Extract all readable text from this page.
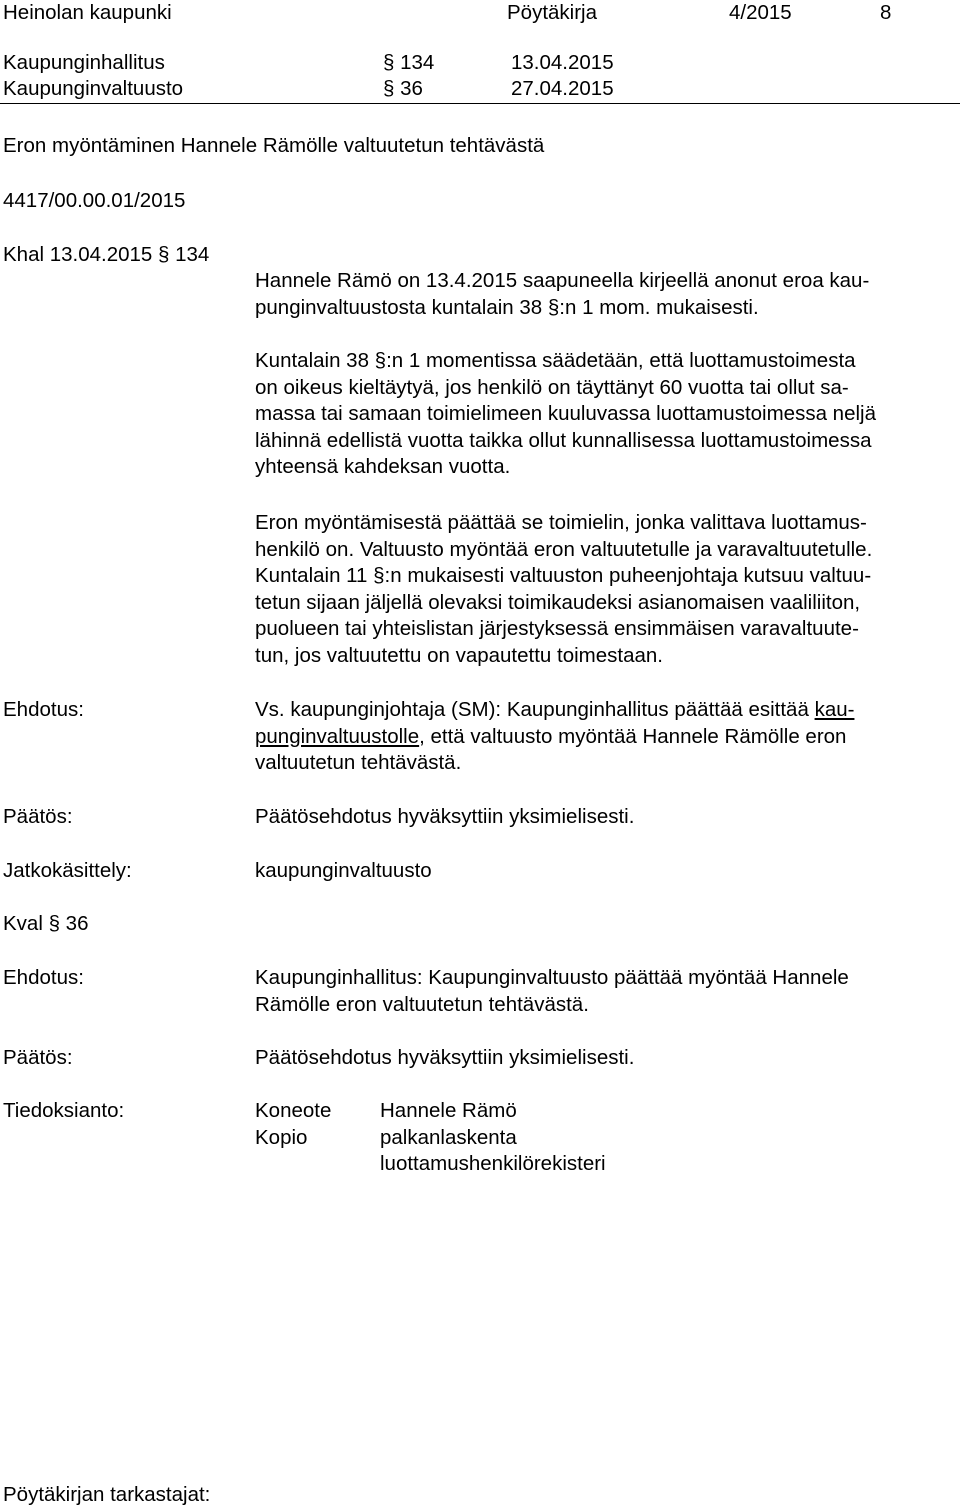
Heinolan kaupunki	Pöytäkirja	4/2015	8
Kaupunginhallitus	§ 134	13.04.2015
Kaupunginvaltuusto	§ 36	27.04.2015
Eron myöntäminen Hannele Rämölle valtuutetun tehtävästä
4417/00.00.01/2015
Khal 13.04.2015 § 134
Hannele Rämö on 13.4.2015 saapuneella kirjeellä anonut eroa kau-
punginvaltuustosta kuntalain 38 §:n 1 mom. mukaisesti.
Kuntalain 38 §:n 1 momentissa säädetään, että luottamustoimesta
on oikeus kieltäytyä, jos henkilö on täyttänyt 60 vuotta tai ollut sa-
massa tai samaan toimielimeen kuuluvassa luottamustoimessa neljä
lähinnä edellistä vuotta taikka ollut kunnallisessa luottamustoimessa
yhteensä kahdeksan vuotta.
Eron myöntämisestä päättää se toimielin, jonka valittava luottamus-
henkilö on. Valtuusto myöntää eron valtuutetulle ja varavaltuutetulle.
Kuntalain 11 §:n mukaisesti valtuuston puheenjohtaja kutsuu valtuu-
tetun sijaan jäljellä olevaksi toimikaudeksi asianomaisen vaaliliiton,
puolueen tai yhteislistan järjestyksessä ensimmäisen varavaltuute-
tun, jos valtuutettu on vapautettu toimestaan.
Ehdotus:	Vs. kaupunginjohtaja (SM): Kaupunginhallitus päättää esittää kau-
punginvaltuustolle, että valtuusto myöntää Hannele Rämölle eron
valtuutetun tehtävästä.
Päätös:	Päätösehdotus hyväksyttiin yksimielisesti.
Jatkokäsittely:	kaupunginvaltuusto
Kval § 36
Ehdotus:	Kaupunginhallitus: Kaupunginvaltuusto päättää myöntää Hannele
Rämölle eron valtuutetun tehtävästä.
Päätös:	Päätösehdotus hyväksyttiin yksimielisesti.
Tiedoksianto:	Koneote Hannele Rämö
Kopio	palkanlaskenta
luottamushenkilörekisteri
Pöytäkirjan tarkastajat:
